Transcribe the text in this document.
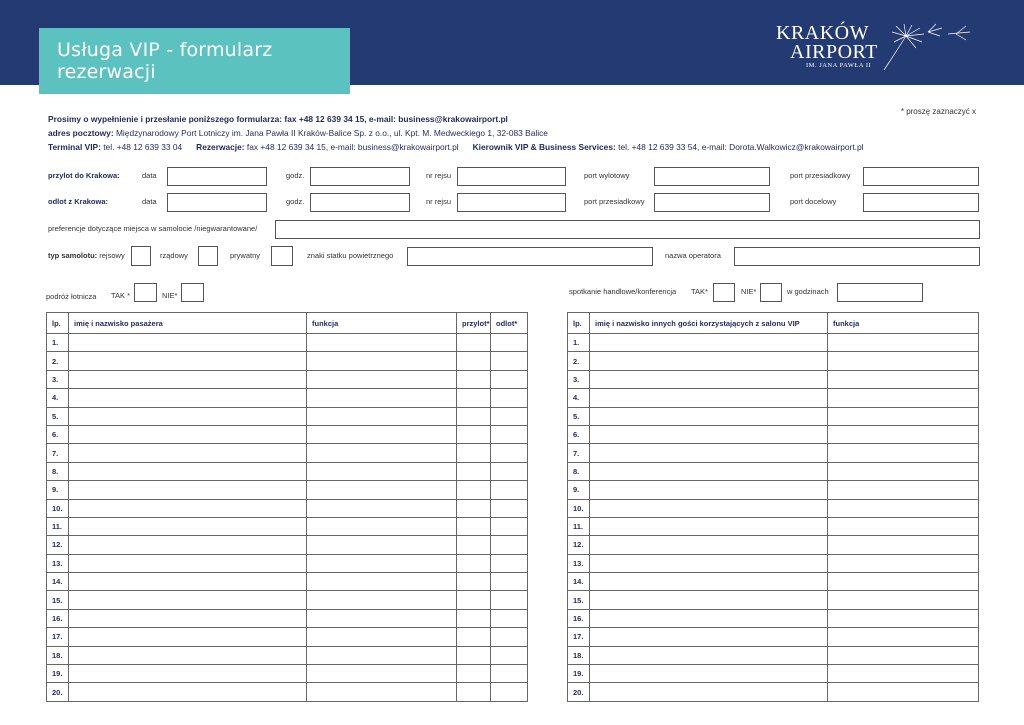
Usługa VIP - formularz rezerwacji
KRAKÓW
AIRPORT
IM. JANA PAWŁA II
* proszę zaznaczyć x
Prosimy o wypełnienie i przesłanie poniższego formularza: fax +48 12 639 34 15, e-mail: business@krakowairport.pl
adres pocztowy: Międzynarodowy Port Lotniczy im. Jana Pawła II Kraków-Balice Sp. z o.o., ul. Kpt. M. Medweckiego 1, 32-083 Balice
Terminal VIP: tel. +48 12 639 33 04 Rezerwacje: fax +48 12 639 34 15, e-mail: business@krakowairport.pl Kierownik VIP & Business Services: tel. +48 12 639 33 54, e-mail: Dorota.Walkowicz@krakowairport.pl
przylot do Krakowa:	data	godz.	nr rejsu	port wylotowy	port przesiadkowy
odlot z Krakowa:	data	godz.	nr rejsu	port przesiadkowy	port docelowy
preferencje dotyczące miejsca w samolocie /niegwarantowane/
typ samolotu: rejsowy	rządowy	prywatny	znaki statku powietrznego	nazwa operatora
podróż łotnicza TAK *	NIE*	spotkanie handlowe/konferencja TAK*	NIE*	w godzinach
lp.	imię i nazwisko pasażera	funkcja	przylot*	odlot*
1.				
2.				
3.				
4.				
5.				
6.				
7.				
8.				
9.				
10.				
11.				
12.				
13.				
14.				
15.				
16.				
17.				
18.				
19.				
20.				
lp.	imię i nazwisko innych gości korzystających z salonu VIP	funkcja
1.		
2.		
3.		
4.		
5.		
6.		
7.		
8.		
9.		
10.		
11.		
12.		
13.		
14.		
15.		
16.		
17.		
18.		
19.		
20.		
